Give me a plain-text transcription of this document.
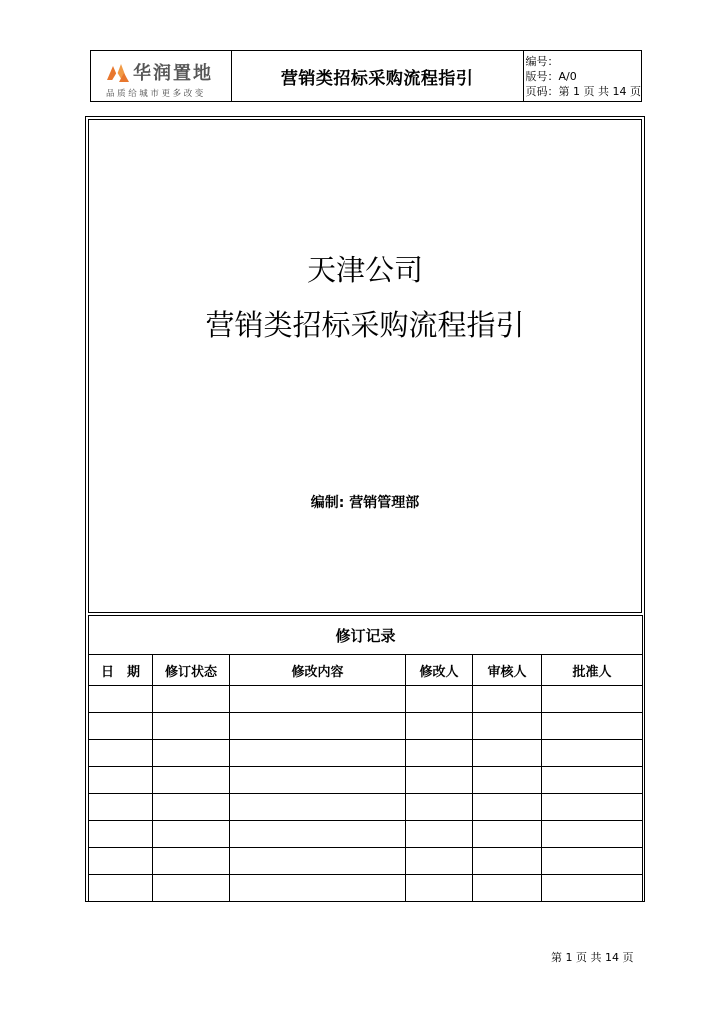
华润置地
品质给城市更多改变
营销类招标采购流程指引
编号：
版号：A/0
页码：第 1 页 共 14 页
天津公司
营销类招标采购流程指引
编制: 营销管理部
修订记录					
日　期	修订状态	修改内容	修改人	审核人	批准人

第 1 页 共 14 页
